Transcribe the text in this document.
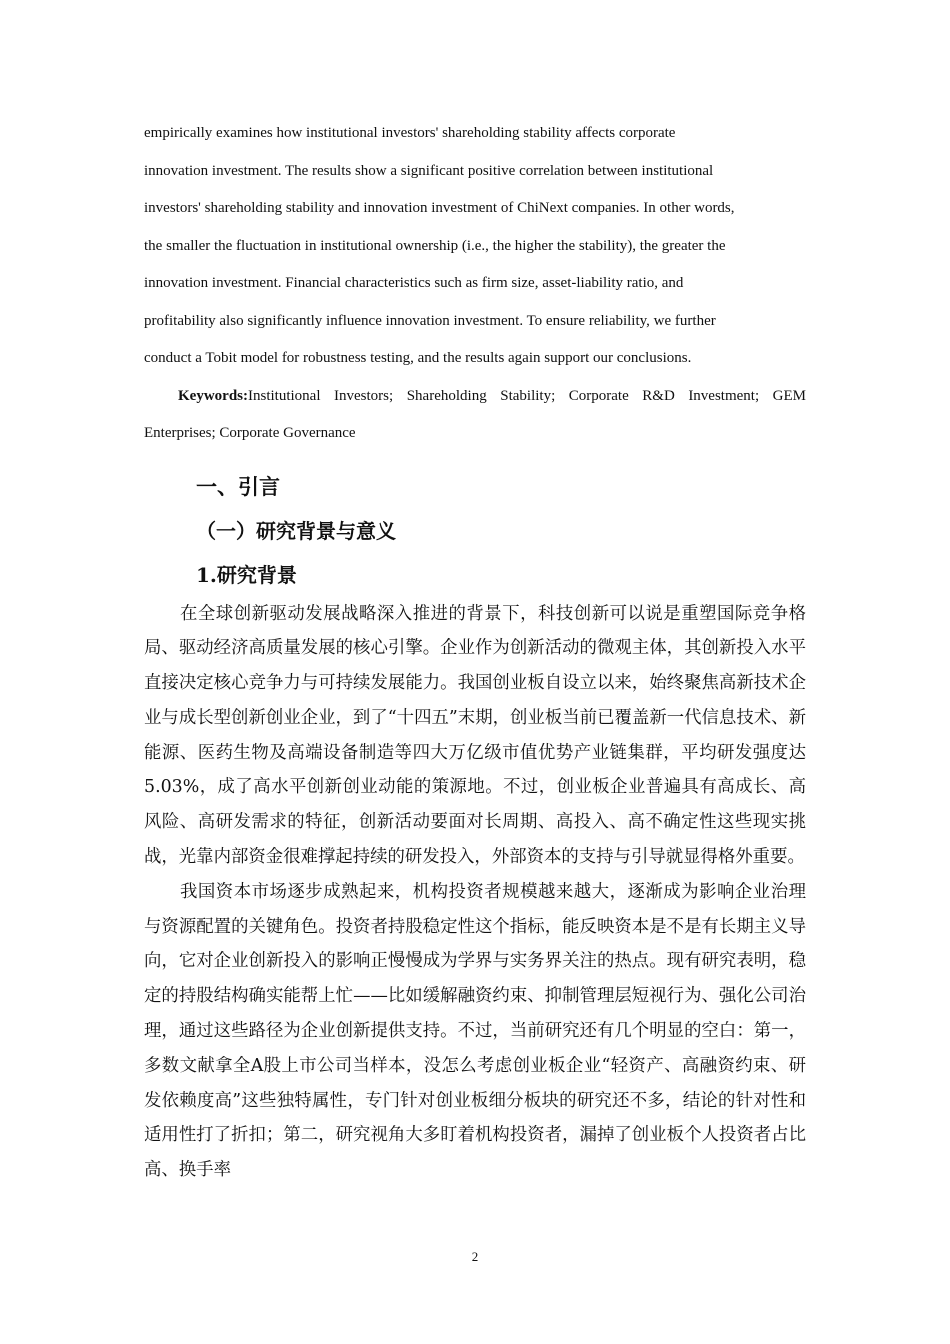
empirically examines how institutional investors' shareholding stability affects corporate

innovation investment. The results show a significant positive correlation between institutional

investors' shareholding stability and innovation investment of ChiNext companies. In other words,

the smaller the fluctuation in institutional ownership (i.e., the higher the stability), the greater the

innovation investment. Financial characteristics such as firm size, asset-liability ratio, and

profitability also significantly influence innovation investment. To ensure reliability, we further

conduct a Tobit model for robustness testing, and the results again support our conclusions.

Keywords:Institutional Investors; Shareholding Stability; Corporate R&D Investment; GEM Enterprises; Corporate Governance

一、引言
（一）研究背景与意义
1.研究背景

在全球创新驱动发展战略深入推进的背景下，科技创新可以说是重塑国际竞争格局、驱动经济高质量发展的核心引擎。企业作为创新活动的微观主体，其创新投入水平直接决定核心竞争力与可持续发展能力。我国创业板自设立以来，始终聚焦高新技术企业与成长型创新创业企业，到了“十四五”末期，创业板当前已覆盖新一代信息技术、新能源、医药生物及高端设备制造等四大万亿级市值优势产业链集群，平均研发强度达5.03%，成了高水平创新创业动能的策源地。不过，创业板企业普遍具有高成长、高风险、高研发需求的特征，创新活动要面对长周期、高投入、高不确定性这些现实挑战，光靠内部资金很难撑起持续的研发投入，外部资本的支持与引导就显得格外重要。

我国资本市场逐步成熟起来，机构投资者规模越来越大，逐渐成为影响企业治理与资源配置的关键角色。投资者持股稳定性这个指标，能反映资本是不是有长期主义导向，它对企业创新投入的影响正慢慢成为学界与实务界关注的热点。现有研究表明，稳定的持股结构确实能帮上忙——比如缓解融资约束、抑制管理层短视行为、强化公司治理，通过这些路径为企业创新提供支持。不过，当前研究还有几个明显的空白：第一，多数文献拿全A股上市公司当样本，没怎么考虑创业板企业“轻资产、高融资约束、研发依赖度高”这些独特属性，专门针对创业板细分板块的研究还不多，结论的针对性和适用性打了折扣；第二，研究视角大多盯着机构投资者，漏掉了创业板个人投资者占比高、换手率

2
